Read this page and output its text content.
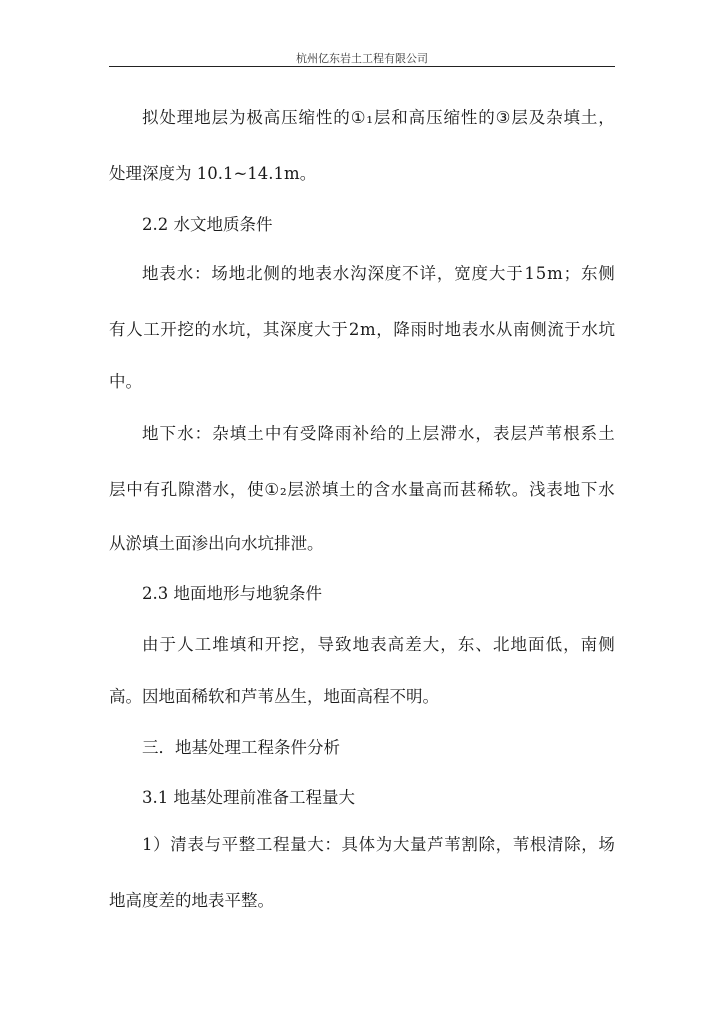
杭州亿东岩土工程有限公司

拟 处 理 地 层 为 极 高 压 缩 性 的 ① ₁ 层 和 高 压 缩 性 的 ③ 层 及 杂 填 土 ，

处理深度为 10.1~14.1m。

2.2 水文地质条件

地 表 水 ： 场 地 北 侧 的 地 表 水 沟 深 度 不 详 ， 宽 度 大 于 1 5 m ； 东 侧

有 人 工 开 挖 的 水 坑 ， 其 深 度 大 于 2 m ， 降 雨 时 地 表 水 从 南 侧 流 于 水 坑

中。

地 下 水 ： 杂 填 土 中 有 受 降 雨 补 给 的 上 层 滞 水 ， 表 层 芦 苇 根 系 土

层 中 有 孔 隙 潜 水 ， 使 ① ₂ 层 淤 填 土 的 含 水 量 高 而 甚 稀 软 。 浅 表 地 下 水

从淤填土面渗出向水坑排泄。

2.3 地面地形与地貌条件

由 于 人 工 堆 填 和 开 挖 ， 导 致 地 表 高 差 大 ， 东 、 北 地 面 低 ， 南 侧

高。因地面稀软和芦苇丛生，地面高程不明。

三．地基处理工程条件分析

3.1 地基处理前准备工程量大

1 ） 清 表 与 平 整 工 程 量 大 ： 具 体 为 大 量 芦 苇 割 除 ， 苇 根 清 除 ， 场

地高度差的地表平整。
